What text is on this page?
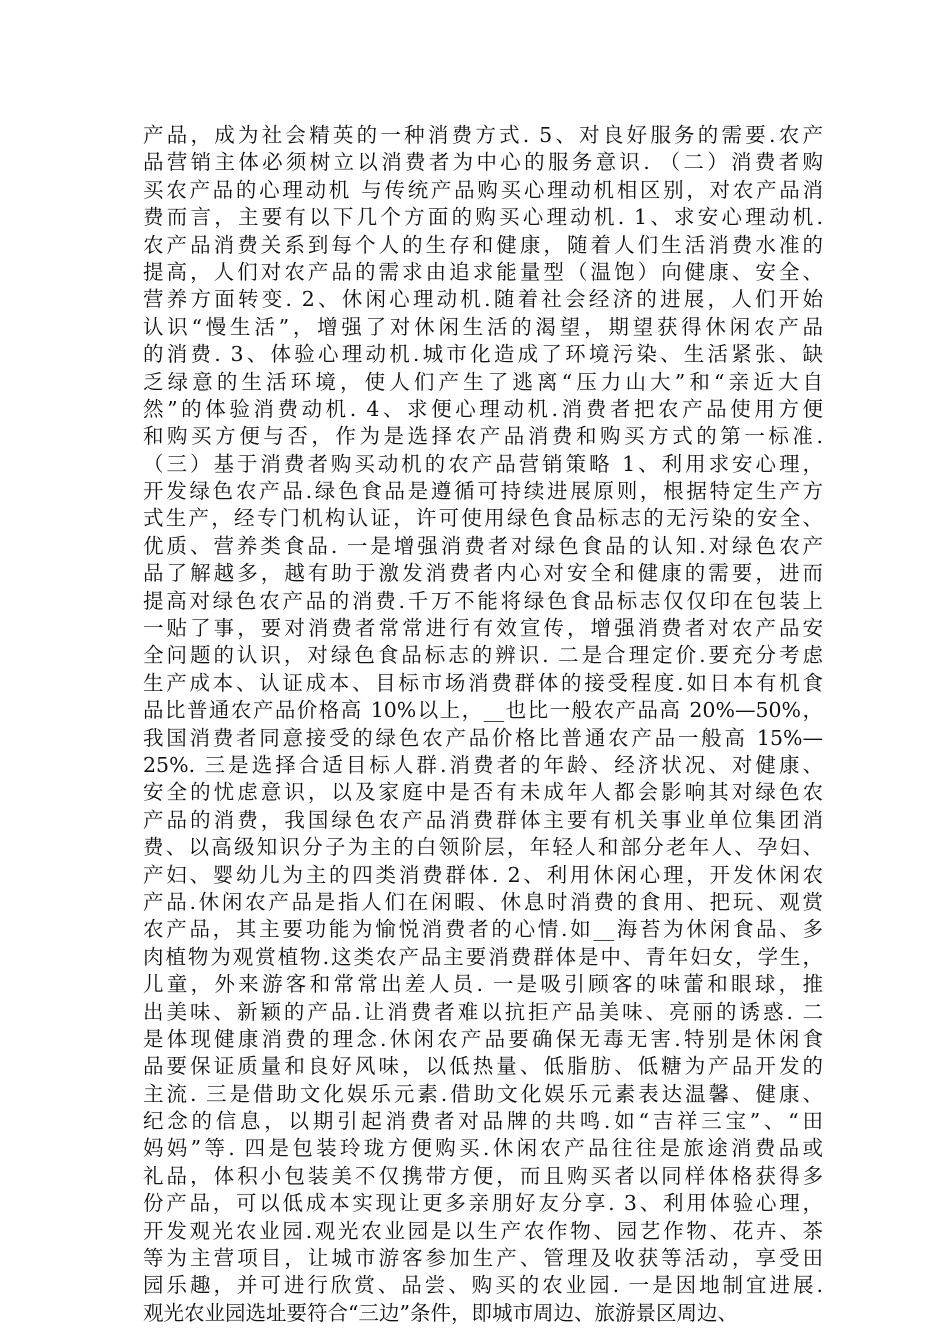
产品，成为社会精英的一种消费方式. 5、对良好服务的需要.农产
品营销主体必须树立以消费者为中心的服务意识. （二）消费者购
买农产品的心理动机 与传统产品购买心理动机相区别，对农产品消
费而言，主要有以下几个方面的购买心理动机. 1、求安心理动机.
农产品消费关系到每个人的生存和健康，随着人们生活消费水准的
提高，人们对农产品的需求由追求能量型（温饱）向健康、安全、
营养方面转变. 2、休闲心理动机.随着社会经济的进展，人们开始
认识“慢生活”，增强了对休闲生活的渴望，期望获得休闲农产品
的消费. 3、体验心理动机.城市化造成了环境污染、生活紧张、缺
乏绿意的生活环境，使人们产生了逃离“压力山大”和“亲近大自
然”的体验消费动机. 4、求便心理动机.消费者把农产品使用方便
和购买方便与否，作为是选择农产品消费和购买方式的第一标准.
（三）基于消费者购买动机的农产品营销策略 1、利用求安心理，
开发绿色农产品.绿色食品是遵循可持续进展原则，根据特定生产方
式生产，经专门机构认证，许可使用绿色食品标志的无污染的安全、
优质、营养类食品. 一是增强消费者对绿色食品的认知.对绿色农产
品了解越多，越有助于激发消费者内心对安全和健康的需要，进而
提高对绿色农产品的消费.千万不能将绿色食品标志仅仅印在包装上
一贴了事，要对消费者常常进行有效宣传，增强消费者对农产品安
全问题的认识，对绿色食品标志的辨识. 二是合理定价.要充分考虑
生产成本、认证成本、目标市场消费群体的接受程度.如日本有机食
品比普通农产品价格高 10%以上，__也比一般农产品高 20%—50%，
我国消费者同意接受的绿色农产品价格比普通农产品一般高 15%—
25%. 三是选择合适目标人群.消费者的年龄、经济状况、对健康、
安全的忧虑意识，以及家庭中是否有未成年人都会影响其对绿色农
产品的消费，我国绿色农产品消费群体主要有机关事业单位集团消
费、以高级知识分子为主的白领阶层，年轻人和部分老年人、孕妇、
产妇、婴幼儿为主的四类消费群体. 2、利用休闲心理，开发休闲农
产品.休闲农产品是指人们在闲暇、休息时消费的食用、把玩、观赏
农产品，其主要功能为愉悦消费者的心情.如__海苔为休闲食品、多
肉植物为观赏植物.这类农产品主要消费群体是中、青年妇女，学生，
儿童，外来游客和常常出差人员. 一是吸引顾客的味蕾和眼球，推
出美味、新颖的产品.让消费者难以抗拒产品美味、亮丽的诱惑. 二
是体现健康消费的理念.休闲农产品要确保无毒无害.特别是休闲食
品要保证质量和良好风味，以低热量、低脂肪、低糖为产品开发的
主流. 三是借助文化娱乐元素.借助文化娱乐元素表达温馨、健康、
纪念的信息，以期引起消费者对品牌的共鸣.如“吉祥三宝”、“田
妈妈”等. 四是包装玲珑方便购买.休闲农产品往往是旅途消费品或
礼品，体积小包装美不仅携带方便，而且购买者以同样体格获得多
份产品，可以低成本实现让更多亲朋好友分享. 3、利用体验心理，
开发观光农业园.观光农业园是以生产农作物、园艺作物、花卉、茶
等为主营项目，让城市游客参加生产、管理及收获等活动，享受田
园乐趣，并可进行欣赏、品尝、购买的农业园. 一是因地制宜进展.
观光农业园选址要符合“三边”条件，即城市周边、旅游景区周边、
